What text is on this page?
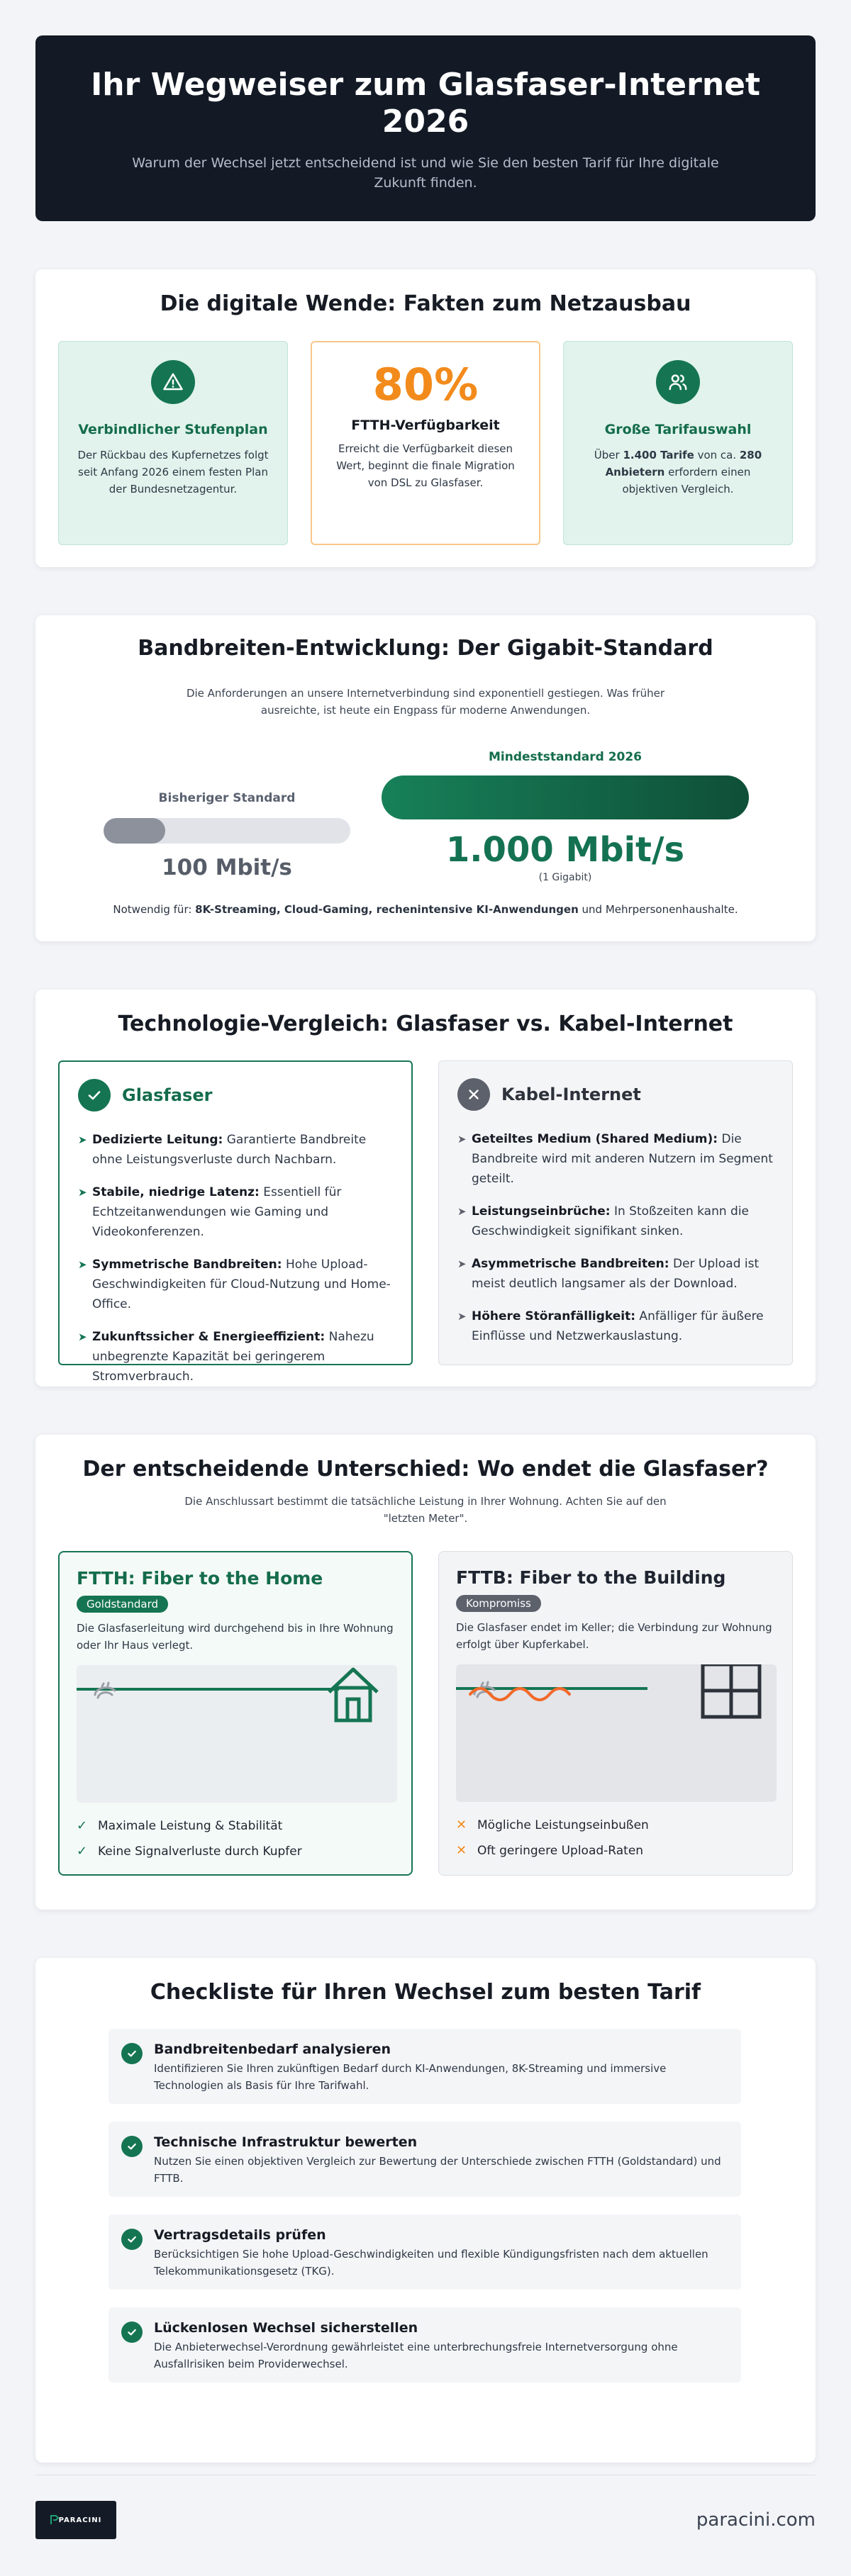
Ihr Wegweiser zum Glasfaser-Internet 2026

Warum der Wechsel jetzt entscheidend ist und wie Sie den besten Tarif für Ihre digitale Zukunft finden.

Die digitale Wende: Fakten zum Netzausbau
Verbindlicher Stufenplan

Der Rückbau des Kupfernetzes folgt seit Anfang 2026 einem festen Plan der Bundesnetzagentur.

80%
FTTH-Verfügbarkeit

Erreicht die Verfügbarkeit diesen Wert, beginnt die finale Migration von DSL zu Glasfaser.

Große Tarifauswahl

Über 1.400 Tarife von ca. 280 Anbietern erfordern einen objektiven Vergleich.

Bandbreiten-Entwicklung: Der Gigabit-Standard

Die Anforderungen an unsere Internetverbindung sind exponentiell gestiegen. Was früher ausreichte, ist heute ein Engpass für moderne Anwendungen.

Bisheriger Standard
100 Mbit/s
Mindeststandard 2026
1.000 Mbit/s
(1 Gigabit)

Notwendig für: 8K-Streaming, Cloud-Gaming, rechenintensive KI-Anwendungen und Mehrpersonenhaushalte.

Technologie-Vergleich: Glasfaser vs. Kabel-Internet
Glasfaser
➤ Dedizierte Leitung: Garantierte Bandbreite ohne Leistungsverluste durch Nachbarn.
➤ Stabile, niedrige Latenz: Essentiell für Echtzeitanwendungen wie Gaming und Videokonferenzen.
➤ Symmetrische Bandbreiten: Hohe Upload-Geschwindigkeiten für Cloud-Nutzung und Home-Office.
➤ Zukunftssicher & Energieeffizient: Nahezu unbegrenzte Kapazität bei geringerem Stromverbrauch.
Kabel-Internet
➤ Geteiltes Medium (Shared Medium): Die Bandbreite wird mit anderen Nutzern im Segment geteilt.
➤ Leistungseinbrüche: In Stoßzeiten kann die Geschwindigkeit signifikant sinken.
➤ Asymmetrische Bandbreiten: Der Upload ist meist deutlich langsamer als der Download.
➤ Höhere Störanfälligkeit: Anfälliger für äußere Einflüsse und Netzwerkauslastung.
Der entscheidende Unterschied: Wo endet die Glasfaser?

Die Anschlussart bestimmt die tatsächliche Leistung in Ihrer Wohnung. Achten Sie auf den "letzten Meter".

FTTH: Fiber to the Home
Goldstandard

Die Glasfaserleitung wird durchgehend bis in Ihre Wohnung oder Ihr Haus verlegt.

✓ Maximale Leistung & Stabilität
✓ Keine Signalverluste durch Kupfer
FTTB: Fiber to the Building
Kompromiss

Die Glasfaser endet im Keller; die Verbindung zur Wohnung erfolgt über Kupferkabel.

✕ Mögliche Leistungseinbußen
✕ Oft geringere Upload-Raten
Checkliste für Ihren Wechsel zum besten Tarif
Bandbreitenbedarf analysieren

Identifizieren Sie Ihren zukünftigen Bedarf durch KI-Anwendungen, 8K-Streaming und immersive Technologien als Basis für Ihre Tarifwahl.

Technische Infrastruktur bewerten

Nutzen Sie einen objektiven Vergleich zur Bewertung der Unterschiede zwischen FTTH (Goldstandard) und FTTB.

Vertragsdetails prüfen

Berücksichtigen Sie hohe Upload-Geschwindigkeiten und flexible Kündigungsfristen nach dem aktuellen Telekommunikationsgesetz (TKG).

Lückenlosen Wechsel sicherstellen

Die Anbieterwechsel-Verordnung gewährleistet eine unterbrechungsfreie Internetversorgung ohne Ausfallrisiken beim Providerwechsel.

PARACINI	paracini.com
